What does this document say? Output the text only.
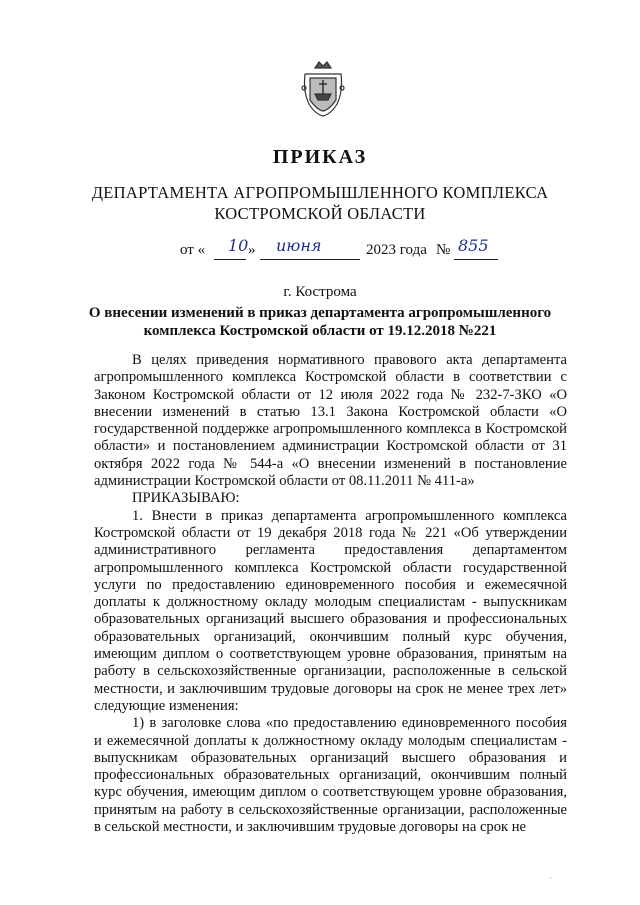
ПРИКАЗ
ДЕПАРТАМЕНТА АГРОПРОМЫШЛЕННОГО КОМПЛЕКСА
КОСТРОМСКОЙ ОБЛАСТИ
от « 10 » июня	2023 года № 855
г. Кострома
О внесении изменений в приказ департамента агропромышленного
комплекса Костромской области от 19.12.2018 №221

В целях приведения нормативного правового акта департамента агропромышленного комплекса Костромской области в соответствии с Законом Костромской области от 12 июля 2022 года № 232-7-ЗКО «О внесении изменений в статью 13.1 Закона Костромской области «О государственной поддержке агропромышленного комплекса в Костромской области» и постановлением администрации Костромской области от 31 октября 2022 года № 544-а «О внесении изменений в постановление администрации Костромской области от 08.11.2011 № 411-а»

ПРИКАЗЫВАЮ:

1. Внести в приказ департамента агропромышленного комплекса Костромской области от 19 декабря 2018 года № 221 «Об утверждении административного регламента предоставления департаментом агропромышленного комплекса Костромской области государственной услуги по предоставлению единовременного пособия и ежемесячной доплаты к должностному окладу молодым специалистам - выпускникам образовательных организаций высшего образования и профессиональных образовательных организаций, окончившим полный курс обучения, имеющим диплом о соответствующем уровне образования, принятым на работу в сельскохозяйственные организации, расположенные в сельской местности, и заключившим трудовые договоры на срок не менее трех лет» следующие изменения:

1) в заголовке слова «по предоставлению единовременного пособия и ежемесячной доплаты к должностному окладу молодым специалистам - выпускникам образовательных организаций высшего образования и профессиональных образовательных организаций, окончившим полный курс обучения, имеющим диплом о соответствующем уровне образования, принятым на работу в сельскохозяйственные организации, расположенные в сельской местности, и заключившим трудовые договоры на срок не

·
